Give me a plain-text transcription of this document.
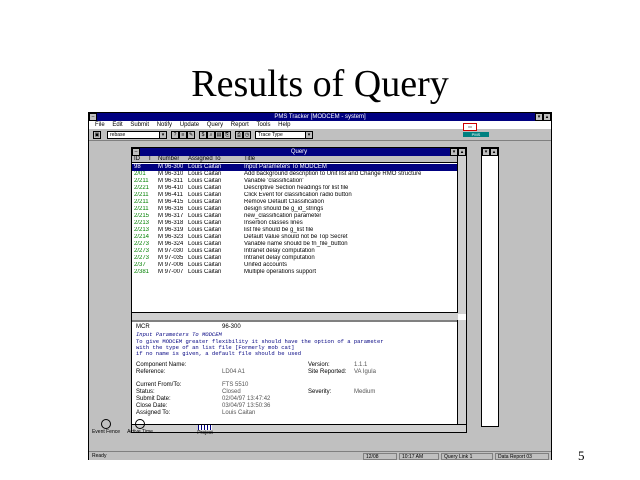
Results of Query
PMS Tracker [MODCEM - system]
–	▾	▴
File Edit Submit Notify Update Query Report Tools Help
▣	rebase	▾	?	≡ ✎	$	⌕ ▤ ⎘	⎙ ◷	Trace Type	▾
▭
PMS
Query
–	▾	▴
ID T Number Assigned To	Title
98	M 96-300 Louis Caitan	Input Parameters To MODCEM
2/01 M 96-310 Louis Caitan	Add background description to Unit list and Change RMO structure
2/211 M 96-311 Louis Caitan	Variable 'classification'
2/221 M 96-410 Louis Caitan	Descriptive Section headings for list file
2/211 M 96-411 Louis Caitan	Click Event for classification radio button
2/211 M 96-415 Louis Caitan	Remove Default Classification
2/211 M 96-316 Louis Caitan	design should be g_id_strings
2/215 M 96-317 Louis Caitan	new_classification parameter
2/213 M 96-318 Louis Caitan	Insertion classes lines
2/213 M 96-319 Louis Caitan	list file should be g_list file
2/214 M 96-323 Louis Caitan	Default Value should not be Top Secret
2/273 M 96-324 Louis Caitan	Variable name should be fn_file_button
2/273 M 97-030 Louis Caitan	Intranet delay computation
2/273 M 97-035 Louis Caitan	Intranet delay computation
2/37 M 97-006 Louis Caitan	Unifed accounts
2/381 M 97-007 Louis Caitan	Multiple operations support
MCR	96-300
Input Parameters To MODCEM
To give MODCEM greater flexibility it should have the option of a parameter
with the type of an list file [Formerly mob cat]
if no name is given, a default file should be used
Component Name:
Reference:	LD04 A1
Current From/To:	FTS 5510
Status:	Closed
Submit Date:	02/04/97 13:47:42
Close Date:	03/04/97 13:50:36
Assigned To:	Louis Caitan
Version:	1.1.1
Site Reported: VA Igula
Severity:	Medium
▾	▴
Event Fence	Active Time	Project
Ready	12/08	10:17 AM	Query Link 1	Data Report 03	5
